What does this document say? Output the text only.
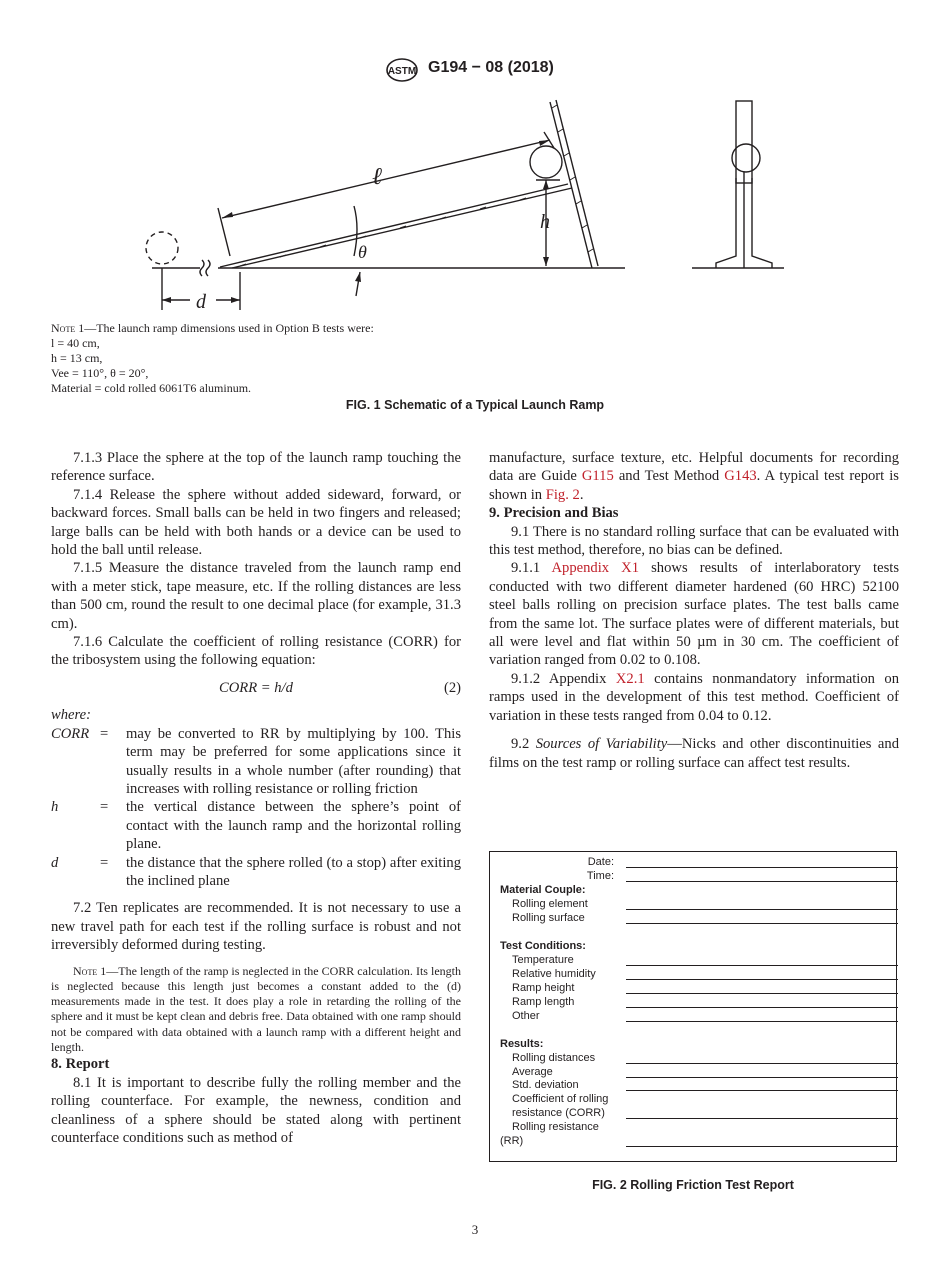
ASTM G194 − 08 (2018)
ℓ
h
θ
d
Note 1—The launch ramp dimensions used in Option B tests were:
l = 40 cm,
h = 13 cm,
Vee = 110°, θ = 20°,
Material = cold rolled 6061T6 aluminum.
FIG. 1 Schematic of a Typical Launch Ramp

7.1.3 Place the sphere at the top of the launch ramp touching the reference surface.

7.1.4 Release the sphere without added sideward, forward, or backward forces. Small balls can be held in two fingers and released; large balls can be held with both hands or a device can be used to hold the ball until release.

7.1.5 Measure the distance traveled from the launch ramp end with a meter stick, tape measure, etc. If the rolling distances are less than 500 cm, round the result to one decimal place (for example, 31.3 cm).

7.1.6 Calculate the coefficient of rolling resistance (CORR) for the tribosystem using the following equation:

CORR = h/d	(2)
where:
CORR =	may be converted to RR by multiplying by 100. This term may be preferred for some applications since it usually results in a whole number (after rounding) that increases with rolling resistance or rolling friction
h	=	the vertical distance between the sphere’s point of contact with the launch ramp and the horizontal rolling plane.
d	=	the distance that the sphere rolled (to a stop) after exiting the inclined plane

7.2 Ten replicates are recommended. It is not necessary to use a new travel path for each test if the rolling surface is robust and not irreversibly deformed during testing.

Note 1—The length of the ramp is neglected in the CORR calculation. Its length is neglected because this length just becomes a constant added to the (d) measurements made in the test. It does play a role in retarding the rolling of the sphere and it must be kept clean and debris free. Data obtained with one ramp should not be compared with data obtained with a launch ramp with a different height and length.

8. Report

8.1 It is important to describe fully the rolling member and the rolling counterface. For example, the newness, condition and cleanliness of a sphere should be stated along with pertinent counterface conditions such as method of

manufacture, surface texture, etc. Helpful documents for recording data are Guide G115 and Test Method G143. A typical test report is shown in Fig. 2.

9. Precision and Bias

9.1 There is no standard rolling surface that can be evaluated with this test method, therefore, no bias can be defined.

9.1.1 Appendix X1 shows results of interlaboratory tests conducted with two different diameter hardened (60 HRC) 52100 steel balls rolling on precision surface plates. The test balls came from the same lot. The surface plates were of different materials, but all were level and flat within 50 µm in 30 cm. The coefficient of variation ranged from 0.02 to 0.108.

9.1.2 Appendix X2.1 contains nonmandatory information on ramps used in the development of this test method. Coefficient of variation in these tests ranged from 0.04 to 0.12.

9.2 Sources of Variability—Nicks and other discontinuities and films on the test ramp or rolling surface can affect test results.

Date:
Time:
Material Couple:
Rolling element
Rolling surface
Test Conditions:
Temperature
Relative humidity
Ramp height
Ramp length
Other
Results:
Rolling distances
Average
Std. deviation
Coefficient of rolling
resistance (CORR)
Rolling resistance
(RR)
FIG. 2 Rolling Friction Test Report
3
